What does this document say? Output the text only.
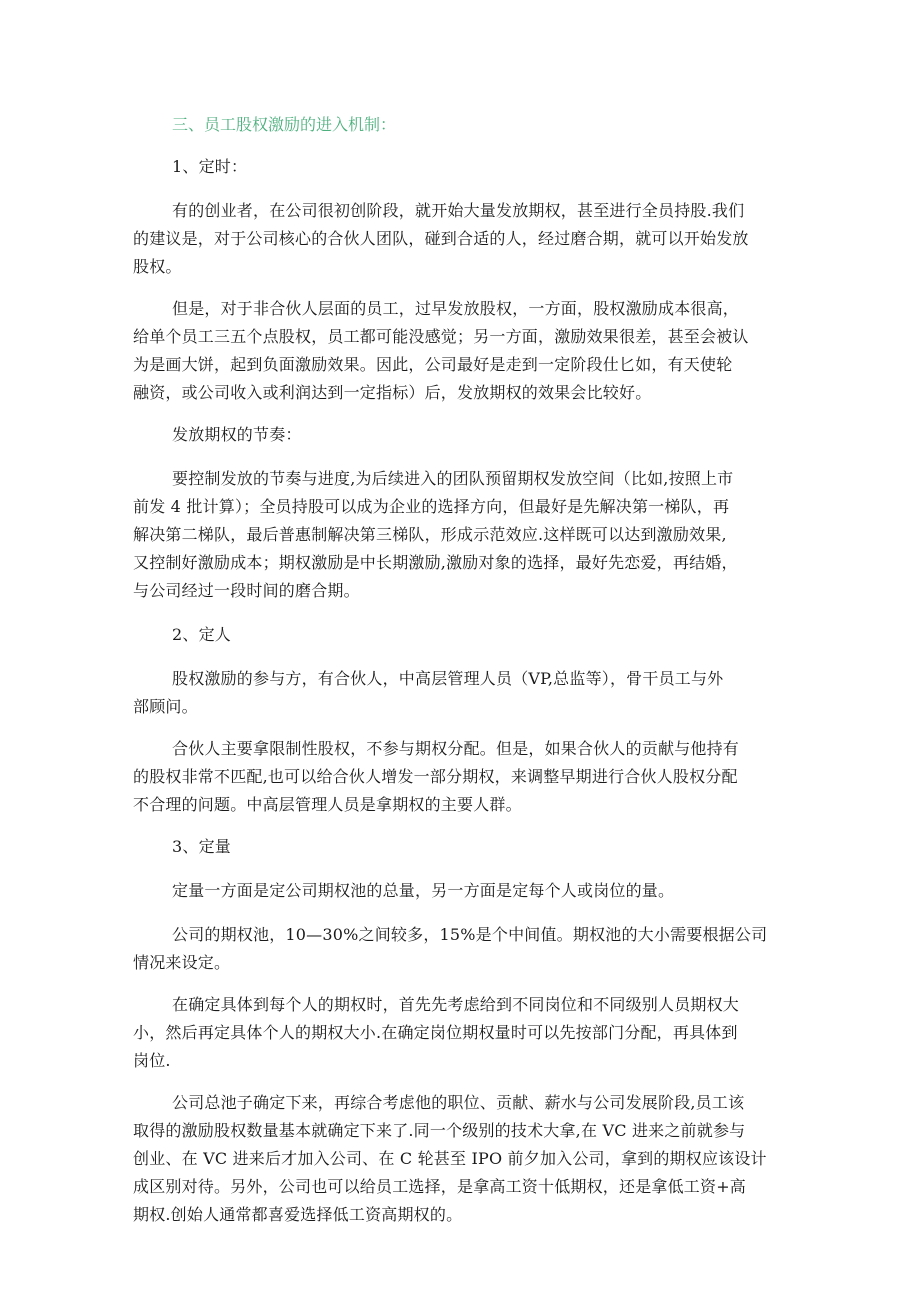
三、员工股权激励的进入机制：
1、定时：
有的创业者，在公司很初创阶段，就开始大量发放期权，甚至进行全员持股.我们
的建议是，对于公司核心的合伙人团队，碰到合适的人，经过磨合期，就可以开始发放
股权。
但是，对于非合伙人层面的员工，过早发放股权，一方面，股权激励成本很高，
给单个员工三五个点股权，员工都可能没感觉；另一方面，激励效果很差，甚至会被认
为是画大饼，起到负面激励效果。因此，公司最好是走到一定阶段仕匕如，有天使轮
融资，或公司收入或利润达到一定指标）后，发放期权的效果会比较好。
发放期权的节奏：
要控制发放的节奏与进度,为后续进入的团队预留期权发放空间（比如,按照上市
前发 4 批计算）；全员持股可以成为企业的选择方向，但最好是先解决第一梯队，再
解决第二梯队，最后普惠制解决第三梯队，形成示范效应.这样既可以达到激励效果,
又控制好激励成本；期权激励是中长期激励,激励对象的选择，最好先恋爱，再结婚，
与公司经过一段时间的磨合期。
2、定人
股权激励的参与方，有合伙人，中高层管理人员（VP,总监等），骨干员工与外
部顾问。
合伙人主要拿限制性股权，不参与期权分配。但是，如果合伙人的贡献与他持有
的股权非常不匹配,也可以给合伙人增发一部分期权，来调整早期进行合伙人股权分配
不合理的问题。中高层管理人员是拿期权的主要人群。
3、定量
定量一方面是定公司期权池的总量，另一方面是定每个人或岗位的量。
公司的期权池，10—30%之间较多，15%是个中间值。期权池的大小需要根据公司
情况来设定。
在确定具体到每个人的期权时，首先先考虑给到不同岗位和不同级别人员期权大
小，然后再定具体个人的期权大小.在确定岗位期权量时可以先按部门分配，再具体到
岗位.
公司总池子确定下来，再综合考虑他的职位、贡献、薪水与公司发展阶段,员工该
取得的激励股权数量基本就确定下来了.同一个级别的技术大拿,在 VC 进来之前就参与
创业、在 VC 进来后才加入公司、在 C 轮甚至 IPO 前夕加入公司，拿到的期权应该设计
成区别对待。另外，公司也可以给员工选择，是拿高工资十低期权，还是拿低工资+高
期权.创始人通常都喜爱选择低工资高期权的。
